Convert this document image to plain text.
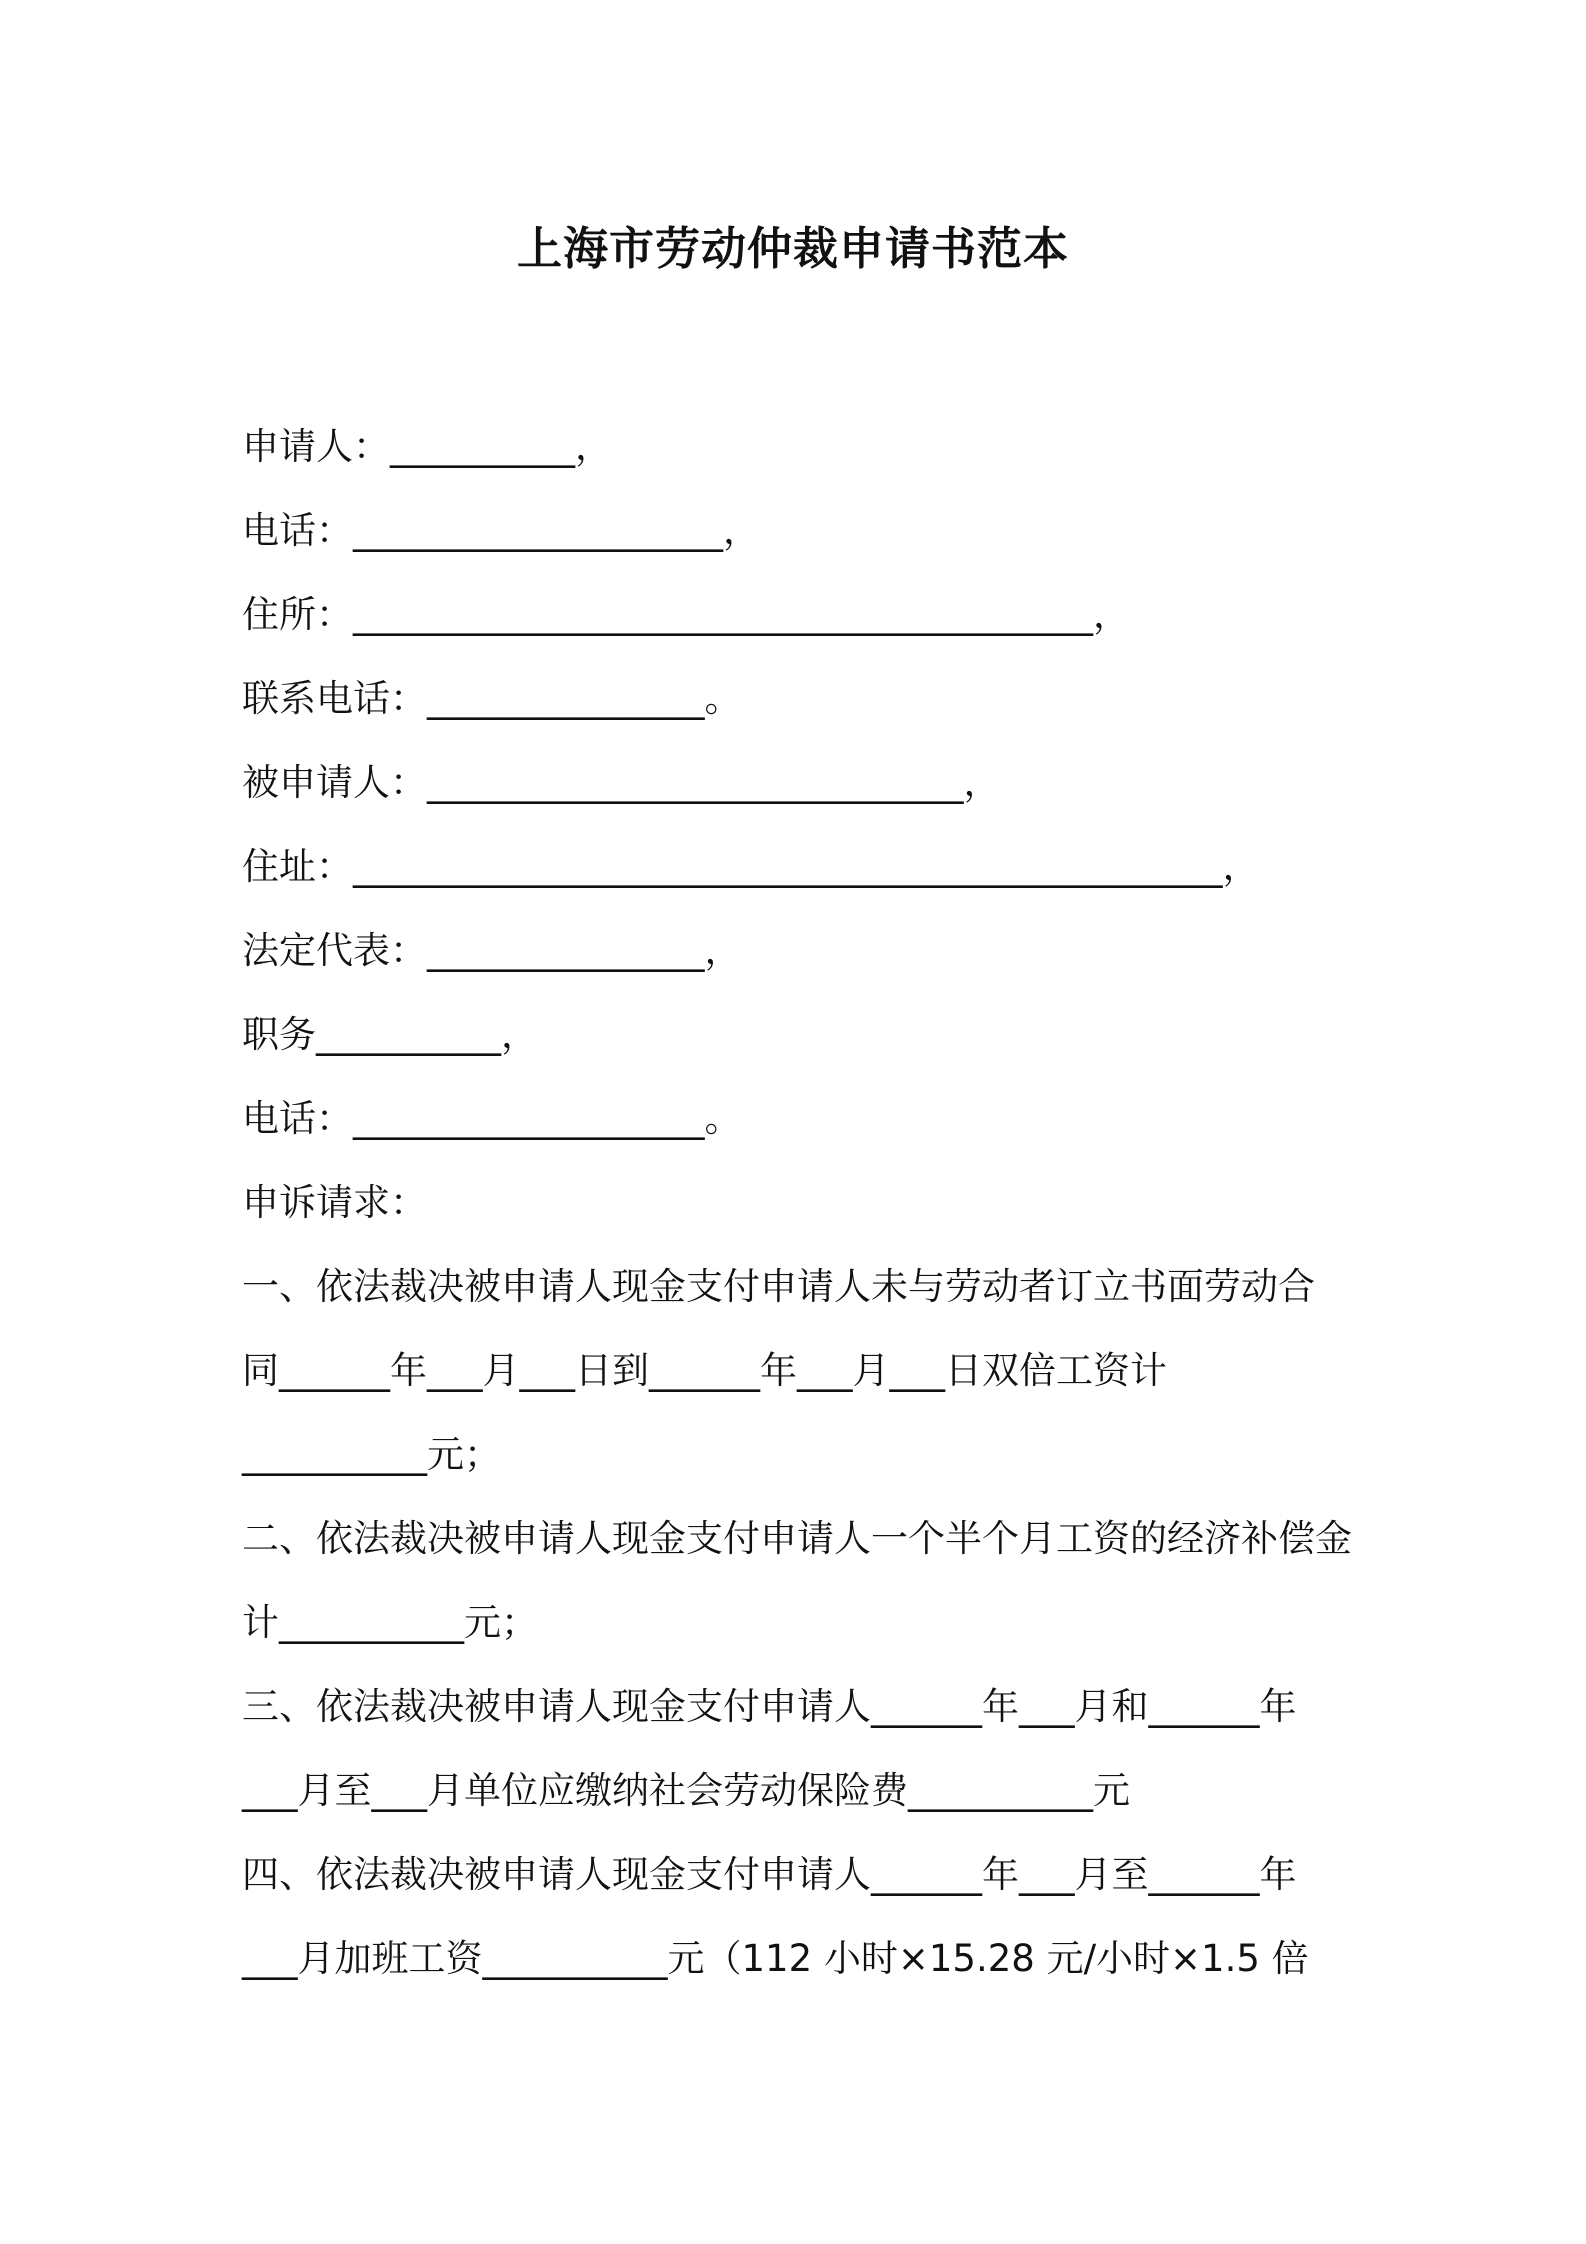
上海市劳动仲裁申请书范本
申请人：__________，
电话：____________________，
住所：________________________________________，
联系电话：_______________。
被申请人：_____________________________，
住址：_______________________________________________，
法定代表：_______________，
职务__________，
电话：___________________。
申诉请求：
一、依法裁决被申请人现金支付申请人未与劳动者订立书面劳动合
同______年___月___日到______年___月___日双倍工资计
__________元；
二、依法裁决被申请人现金支付申请人一个半个月工资的经济补偿金
计__________元；
三、依法裁决被申请人现金支付申请人______年___月和______年
___月至___月单位应缴纳社会劳动保险费__________元
四、依法裁决被申请人现金支付申请人______年___月至______年
___月加班工资__________元（112 小时×15.28 元/小时×1.5 倍
